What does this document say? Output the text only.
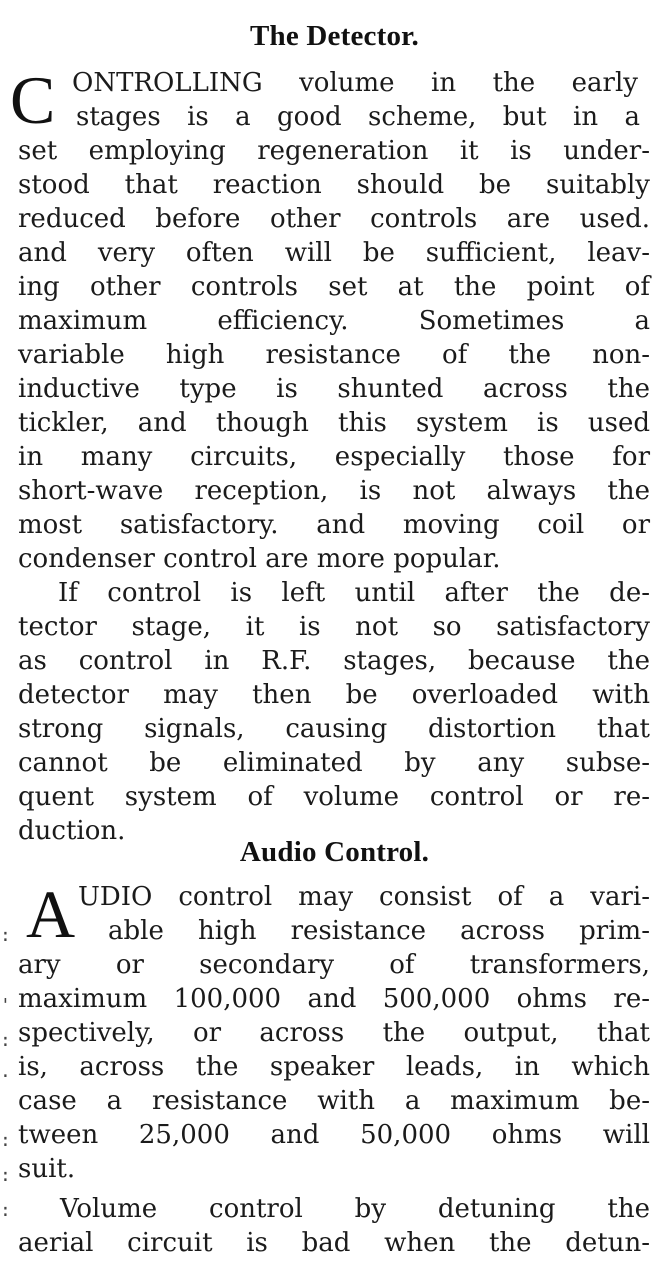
The Detector.
C ONTROLLING volume in the early
stages is a good scheme, but in a
set employing regeneration it is under-
stood that reaction should be suitably
reduced before other controls are used.
and very often will be sufficient, leav-
ing other controls set at the point of
maximum efficiency. Sometimes a
variable high resistance of the non-
inductive type is shunted across the
tickler, and though this system is used
in many circuits, especially those for
short-wave reception, is not always the
most satisfactory. and moving coil or
condenser control are more popular.
If control is left until after the de-
tector stage, it is not so satisfactory
as control in R.F. stages, because the
detector may then be overloaded with
strong signals, causing distortion that
cannot be eliminated by any subse-
quent system of volume control or re-
duction.
Audio Control.
A UDIO control may consist of a vari-
able high resistance across prim-
ary or secondary of transformers,
maximum 100,000 and 500,000 ohms re-
spectively, or across the output, that
is, across the speaker leads, in which
case a resistance with a maximum be-
tween 25,000 and 50,000 ohms will
suit.
Volume control by detuning the
aerial circuit is bad when the detun-
:
'
:
·
:
:
:
